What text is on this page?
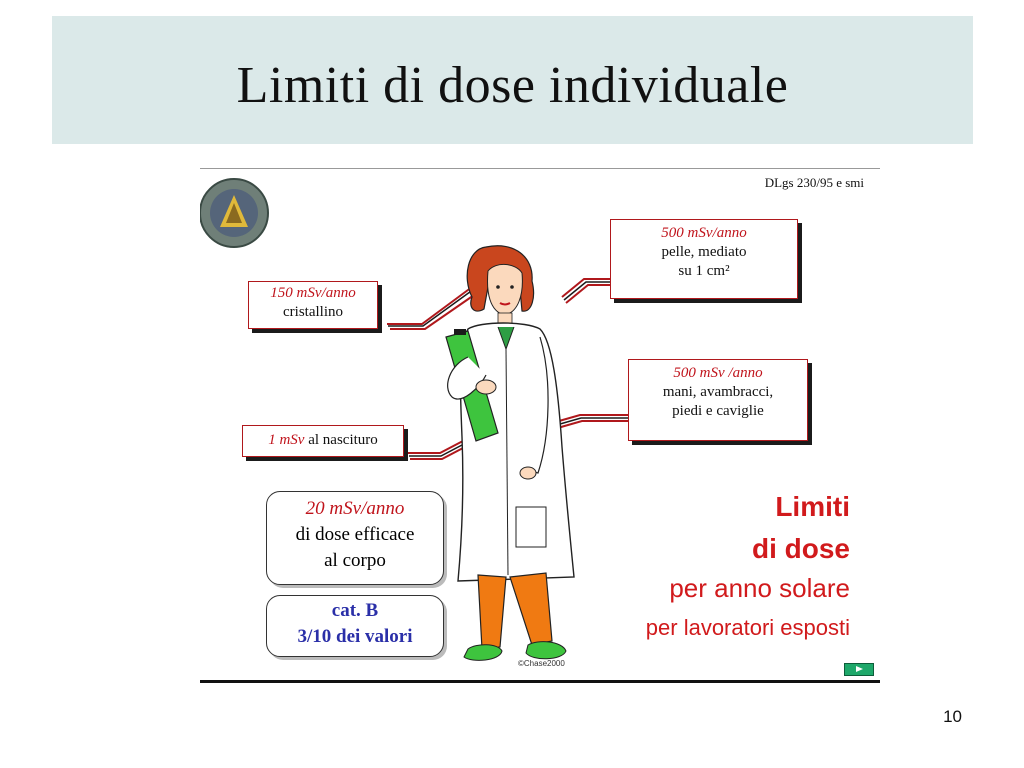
Limiti di dose individuale
DLgs 230/95 e smi
500 mSv/anno
pelle, mediato
su 1 cm²
150 mSv/anno
cristallino
500 mSv /anno
mani, avambracci,
piedi e caviglie
1 mSv al nascituro
20 mSv/anno
di dose efficace
al corpo
cat. B
3/10 dei valori
Limiti
di dose
per anno solare
per lavoratori esposti
©Chase2000
10
